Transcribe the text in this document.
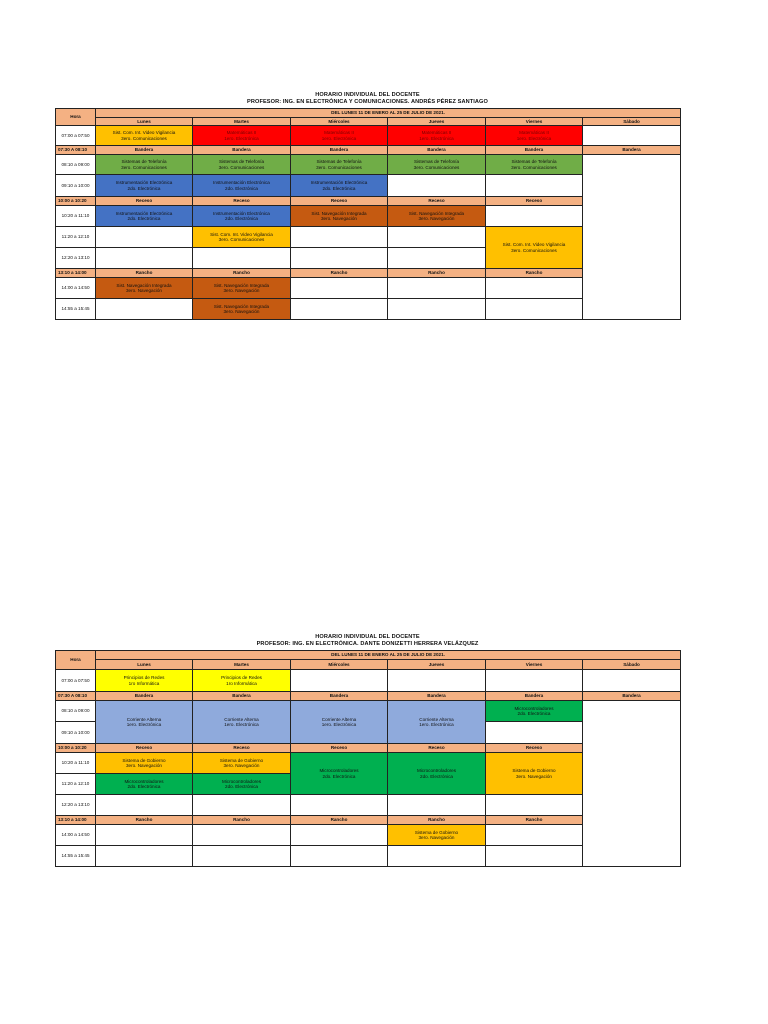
HORARIO INDIVIDUAL DEL DOCENTE
PROFESOR: ING. EN ELECTRÓNICA Y COMUNICACIONES. ANDRÉS PÉREZ SANTIAGO
Hora	DEL LUNES 11 DE ENERO AL 25 DE JULIO DE 2021.					
	Lunes	Martes	Miércoles	Jueves	Viernes	Sábado
07:00 a 07:50	Sist. Com. Int. Video Vigilancia
3ero. Comunicaciones	Matemáticas II
1ero. Electrónica	Matemáticas II
1ero. Electrónica	Matemáticas II
1ero. Electrónica	Matemáticas II
1ero. Electrónica	

07:30 A 08:10	Bandera	Bandera	Bandera	Bandera	Bandera	Bandera
08:10 a 09:00	Sistemas de Telefonía
3ero. Comunicaciones	Sistemas de Telefonía
3ero. Comunicaciones	Sistemas de Telefonía
3ero. Comunicaciones	Sistemas de Telefonía
3ero. Comunicaciones	Sistemas de Telefonía
3ero. Comunicaciones	

09:10 a 10:00	Instrumentación Electrónica
2do. Electrónica	Instrumentación Electrónica
2do. Electrónica	Instrumentación Electrónica
2do. Electrónica			

10:00 a 10:20	Receso	Receso	Receso	Receso	Receso	
10:20 a 11:10	Instrumentación Electrónica
2do. Electrónica	Instrumentación Electrónica
2do. Electrónica	Sist. Navegación Integrada
3ero. Navegación	Sist. Navegación Integrada
3ero. Navegación		

11:20 a 12:10		Sist. Com. Int. Video Vigilancia
3ero. Comunicaciones			Sist. Com. Int. Video Vigilancia
3ero. Comunicaciones	

12:20 a 13:10						
13:10 a 14:00	Rancho	Rancho	Rancho	Rancho	Rancho	
14:00 a 14:50	Sist. Navegación Integrada
3ero. Navegación	Sist. Navegación Integrada
3ero. Navegación				

14:55 a 15:45		Sist. Navegación Integrada
3ero. Navegación				

HORARIO INDIVIDUAL DEL DOCENTE
PROFESOR: ING. EN ELECTRÓNICA. DANTE DONIZETTI HERRERA VELÁZQUEZ
Hora	DEL LUNES 11 DE ENERO AL 25 DE JULIO DE 2021.					
	Lunes	Martes	Miércoles	Jueves	Viernes	Sábado
07:00 a 07:50	Principios de Redes
1ro Informática	Principios de Redes
1ro Informática				

07:30 A 08:10	Bandera	Bandera	Bandera	Bandera	Bandera	Bandera
08:10 a 09:00	Corriente Alterna
1ero. Electrónica	Corriente Alterna
1ero. Electrónica	Corriente Alterna
1ero. Electrónica	Corriente Alterna
1ero. Electrónica	Microcontroladores
2do. Electrónica	

09:10 a 10:00						
10:00 a 10:20	Receso	Receso	Receso	Receso	Receso	
10:20 a 11:10	Sistema de Gobierno
3ero. Navegación	Sistema de Gobierno
3ero. Navegación	Microcontroladores
2do. Electrónica	Microcontroladores
2do. Electrónica	Sistema de Gobierno
3ero. Navegación	

11:20 a 12:10	Microcontroladores
2do. Electrónica	Microcontroladores
2do. Electrónica				

12:20 a 13:10						
13:10 a 14:00	Rancho	Rancho	Rancho	Rancho	Rancho	
14:00 a 14:50				Sistema de Gobierno
3ero. Navegación		

14:55 a 15:45						
